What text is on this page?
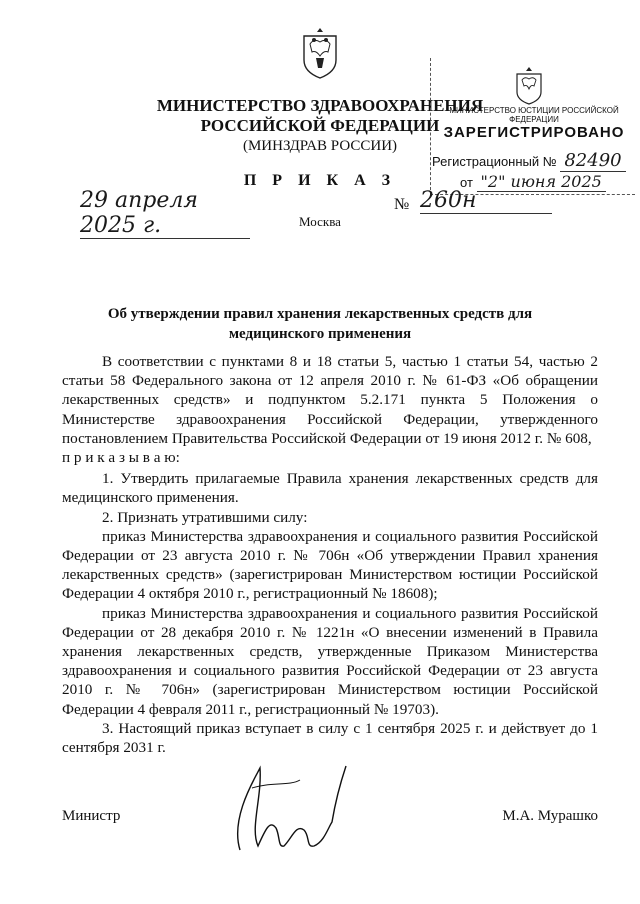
МИНИСТЕРСТВО ЗДРАВООХРАНЕНИЯ
РОССИЙСКОЙ ФЕДЕРАЦИИ
(МИНЗДРАВ РОССИИ)
П Р И К А З
МИНИСТЕРСТВО ЮСТИЦИИ РОССИЙСКОЙ ФЕДЕРАЦИИ
ЗАРЕГИСТРИРОВАНО
Регистрационный № 82490
от "2" июня 2025
29 апреля 2025 г.
№ 260н
Москва
Об утверждении правил хранения лекарственных средств для медицинского применения

В соответствии с пунктами 8 и 18 статьи 5, частью 1 статьи 54, частью 2 статьи 58 Федерального закона от 12 апреля 2010 г. № 61-ФЗ «Об обращении лекарственных средств» и подпунктом 5.2.171 пункта 5 Положения о Министерстве здравоохранения Российской Федерации, утвержденного постановлением Правительства Российской Федерации от 19 июня 2012 г. № 608,

п р и к а з ы в а ю:

1. Утвердить прилагаемые Правила хранения лекарственных средств для медицинского применения.

2. Признать утратившими силу:

приказ Министерства здравоохранения и социального развития Российской Федерации от 23 августа 2010 г. № 706н «Об утверждении Правил хранения лекарственных средств» (зарегистрирован Министерством юстиции Российской Федерации 4 октября 2010 г., регистрационный № 18608);

приказ Министерства здравоохранения и социального развития Российской Федерации от 28 декабря 2010 г. № 1221н «О внесении изменений в Правила хранения лекарственных средств, утвержденные Приказом Министерства здравоохранения и социального развития Российской Федерации от 23 августа 2010 г. № 706н» (зарегистрирован Министерством юстиции Российской Федерации 4 февраля 2011 г., регистрационный № 19703).

3. Настоящий приказ вступает в силу с 1 сентября 2025 г. и действует до 1 сентября 2031 г.

Министр	М.А. Мурашко
